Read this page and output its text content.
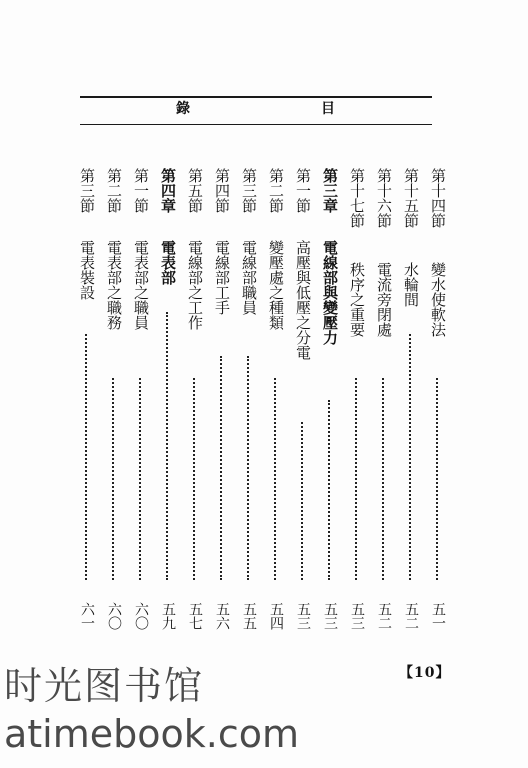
錄	目
第十四節
變水使軟法
五一
第十五節
水輪間
五二
第十六節
電流旁閉處
五二
第十七節
秩序之重要
五三
第三章
電線部與變壓力
五三
第一節
高壓與低壓之分電
五三
第二節
變壓處之種類
五四
第三節
電線部職員
五五
第四節
電線部工手
五六
第五節
電線部之工作
五七
第四章
電表部
五九
第一節
電表部之職員
六〇
第二節
電表部之職務
六〇
第三節
電表裝設
六一
【10】
时光图书馆
atimebook.com
